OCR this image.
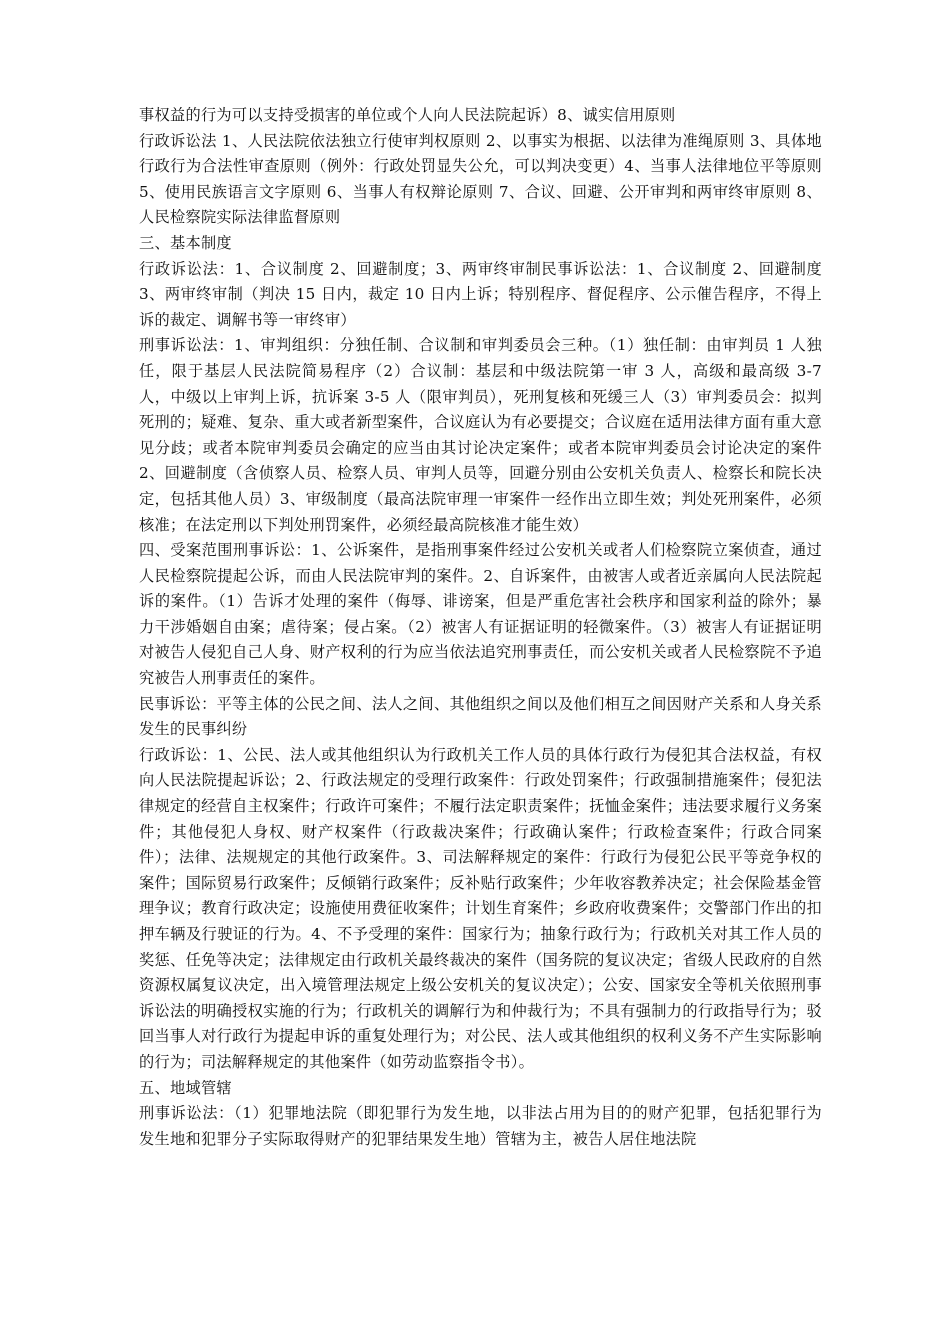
事权益的行为可以支持受损害的单位或个人向人民法院起诉）8、诚实信用原则

行政诉讼法 1、人民法院依法独立行使审判权原则 2、以事实为根据、以法律为准绳原则 3、具体地行政行为合法性审查原则（例外：行政处罚显失公允，可以判决变更）4、当事人法律地位平等原则 5、使用民族语言文字原则 6、当事人有权辩论原则 7、合议、回避、公开审判和两审终审原则 8、人民检察院实际法律监督原则

三、基本制度

行政诉讼法：1、合议制度 2、回避制度；3、两审终审制民事诉讼法：1、合议制度 2、回避制度 3、两审终审制（判决 15 日内，裁定 10 日内上诉；特别程序、督促程序、公示催告程序，不得上诉的裁定、调解书等一审终审）

刑事诉讼法：1、审判组织：分独任制、合议制和审判委员会三种。（1）独任制：由审判员 1 人独任，限于基层人民法院简易程序（2）合议制：基层和中级法院第一审 3 人，高级和最高级 3-7 人，中级以上审判上诉，抗诉案 3-5 人（限审判员），死刑复核和死缓三人（3）审判委员会：拟判死刑的；疑难、复杂、重大或者新型案件，合议庭认为有必要提交；合议庭在适用法律方面有重大意见分歧；或者本院审判委员会确定的应当由其讨论决定案件；或者本院审判委员会讨论决定的案件 2、回避制度（含侦察人员、检察人员、审判人员等，回避分别由公安机关负责人、检察长和院长决定，包括其他人员）3、审级制度（最高法院审理一审案件一经作出立即生效；判处死刑案件，必须核准；在法定刑以下判处刑罚案件，必须经最高院核准才能生效）

四、受案范围刑事诉讼：1、公诉案件，是指刑事案件经过公安机关或者人们检察院立案侦查，通过人民检察院提起公诉，而由人民法院审判的案件。2、自诉案件，由被害人或者近亲属向人民法院起诉的案件。（1）告诉才处理的案件（侮辱、诽谤案，但是严重危害社会秩序和国家利益的除外；暴力干涉婚姻自由案；虐待案；侵占案。（2）被害人有证据证明的轻微案件。（3）被害人有证据证明对被告人侵犯自己人身、财产权利的行为应当依法追究刑事责任，而公安机关或者人民检察院不予追究被告人刑事责任的案件。

民事诉讼：平等主体的公民之间、法人之间、其他组织之间以及他们相互之间因财产关系和人身关系发生的民事纠纷

行政诉讼：1、公民、法人或其他组织认为行政机关工作人员的具体行政行为侵犯其合法权益，有权向人民法院提起诉讼；2、行政法规定的受理行政案件：行政处罚案件；行政强制措施案件；侵犯法律规定的经营自主权案件；行政许可案件；不履行法定职责案件；抚恤金案件；违法要求履行义务案件；其他侵犯人身权、财产权案件（行政裁决案件；行政确认案件；行政检查案件；行政合同案件）；法律、法规规定的其他行政案件。3、司法解释规定的案件：行政行为侵犯公民平等竞争权的案件；国际贸易行政案件；反倾销行政案件；反补贴行政案件；少年收容教养决定；社会保险基金管理争议；教育行政决定；设施使用费征收案件；计划生育案件；乡政府收费案件；交警部门作出的扣押车辆及行驶证的行为。4、不予受理的案件：国家行为；抽象行政行为；行政机关对其工作人员的奖惩、任免等决定；法律规定由行政机关最终裁决的案件（国务院的复议决定；省级人民政府的自然资源权属复议决定，出入境管理法规定上级公安机关的复议决定）；公安、国家安全等机关依照刑事诉讼法的明确授权实施的行为；行政机关的调解行为和仲裁行为；不具有强制力的行政指导行为；驳回当事人对行政行为提起申诉的重复处理行为；对公民、法人或其他组织的权利义务不产生实际影响的行为；司法解释规定的其他案件（如劳动监察指令书）。

五、地域管辖

刑事诉讼法：（1）犯罪地法院（即犯罪行为发生地，以非法占用为目的的财产犯罪，包括犯罪行为发生地和犯罪分子实际取得财产的犯罪结果发生地）管辖为主，被告人居住地法院
